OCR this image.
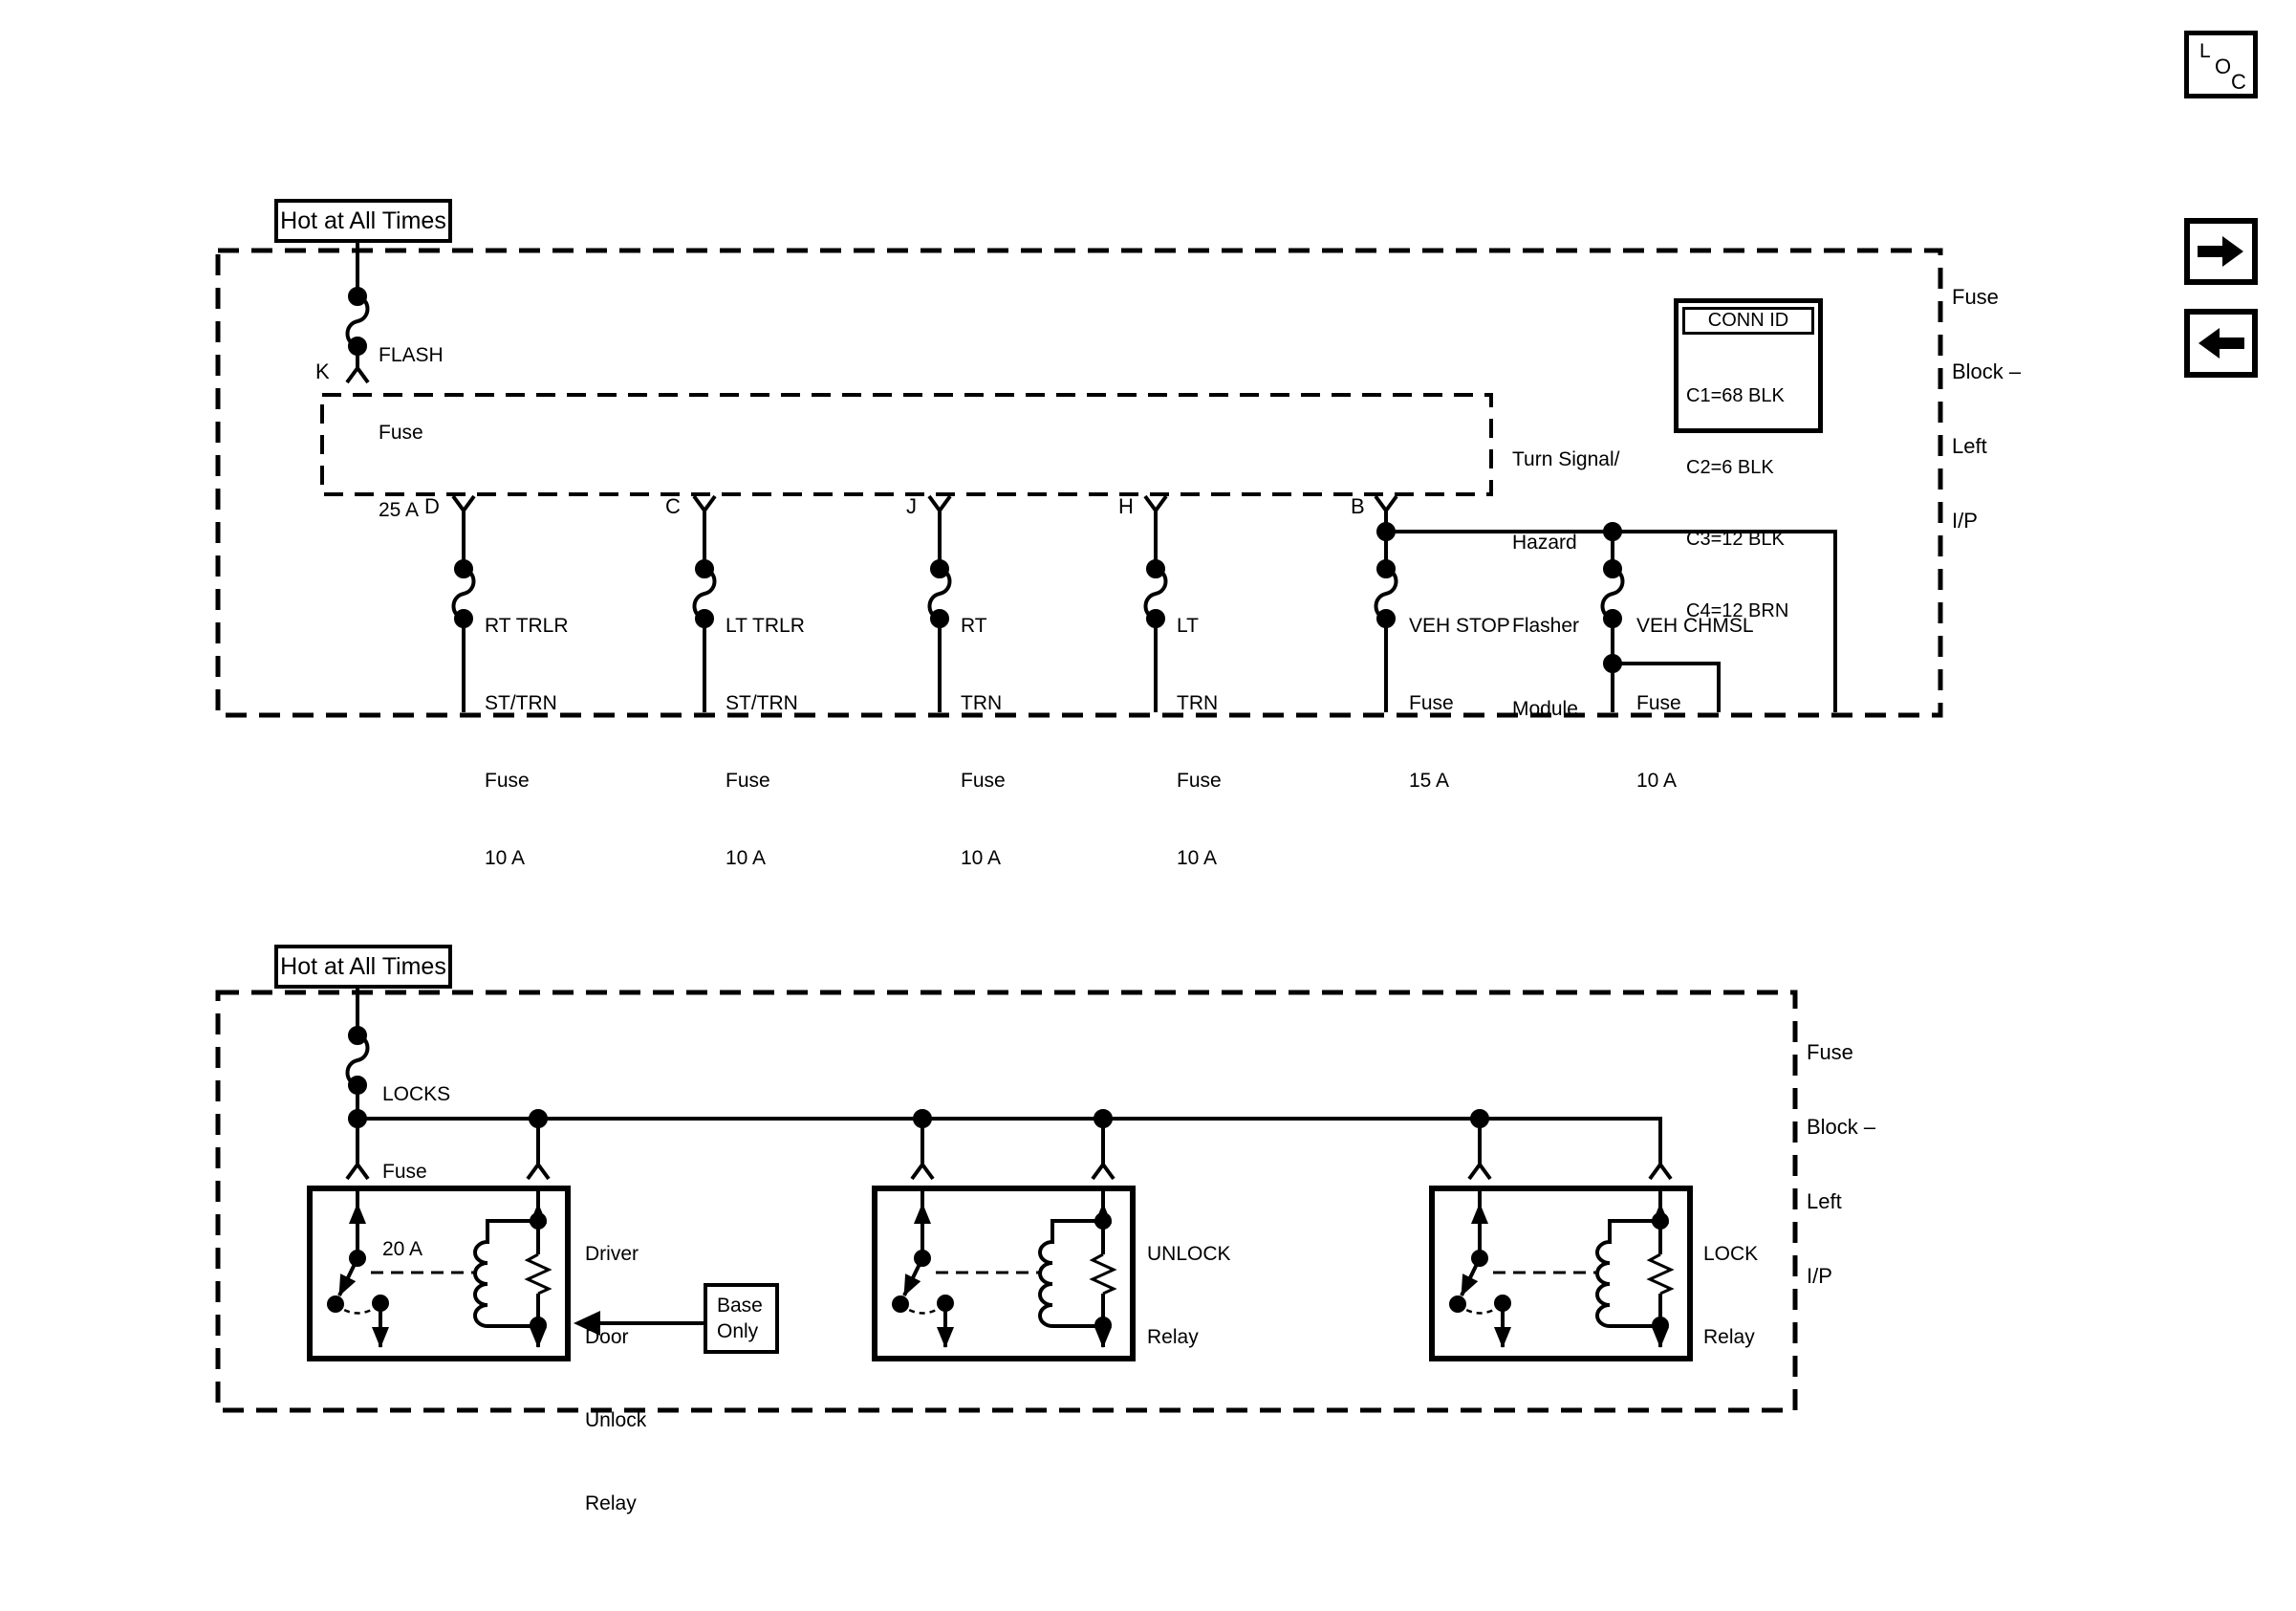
Hot at All Times

Fuse

Block –

Left

I/P

CONN ID

C1=68 BLK

C2=6 BLK

C3=12 BLK

C4=12 BRN

FLASH

Fuse

25 A

K

Turn Signal/

Hazard

Flasher

Module

D	C	J	H	B

RT TRLR

ST/TRN

Fuse

10 A

LT TRLR

ST/TRN

Fuse

10 A

RT

TRN

Fuse

10 A

LT

TRN

Fuse

10 A

VEH STOP

Fuse

15 A

VEH CHMSL

Fuse

10 A

Hot at All Times

Fuse

Block –

Left

I/P

LOCKS

Fuse

20 A

	Driver

Door

Unlock

Relay

UNLOCK

Relay

LOCK

Relay

Base
Only
L
O
C
